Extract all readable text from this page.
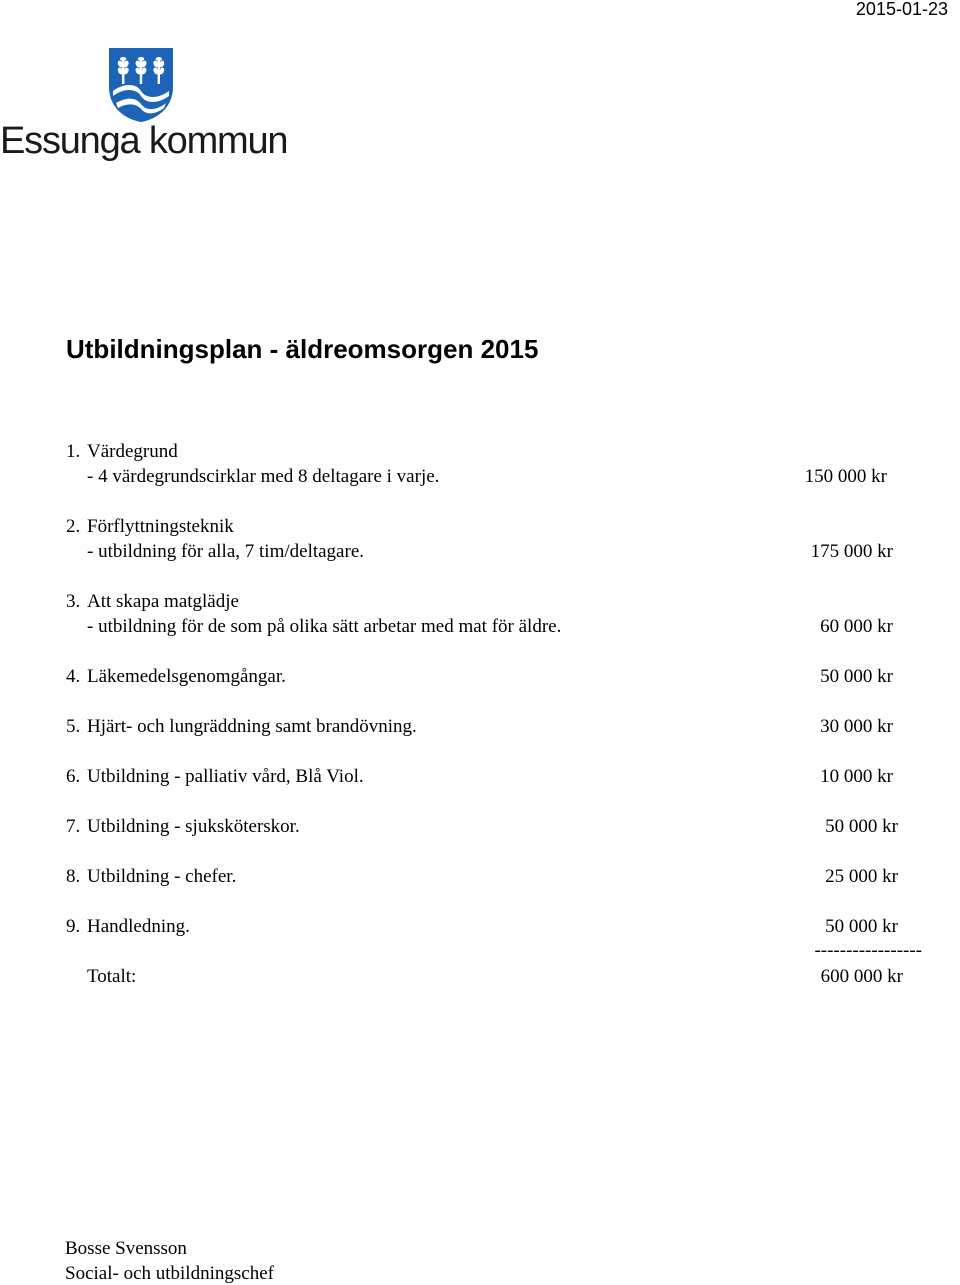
2015-01-23
Essunga kommun
Utbildningsplan - äldreomsorgen 2015
1. Värdegrund
- 4 värdegrundscirklar med 8 deltagare i varje.	150 000 kr
2. Förflyttningsteknik
- utbildning för alla, 7 tim/deltagare.	175 000 kr
3. Att skapa matglädje
- utbildning för de som på olika sätt arbetar med mat för äldre.	60 000 kr
4. Läkemedelsgenomgångar.	50 000 kr
5. Hjärt- och lungräddning samt brandövning.	30 000 kr
6. Utbildning - palliativ vård, Blå Viol.	10 000 kr
7. Utbildning - sjuksköterskor.	50 000 kr
8. Utbildning - chefer.	25 000 kr
9. Handledning.	50 000 kr
-----------------
Totalt:	600 000 kr
Bosse Svensson
Social- och utbildningschef
